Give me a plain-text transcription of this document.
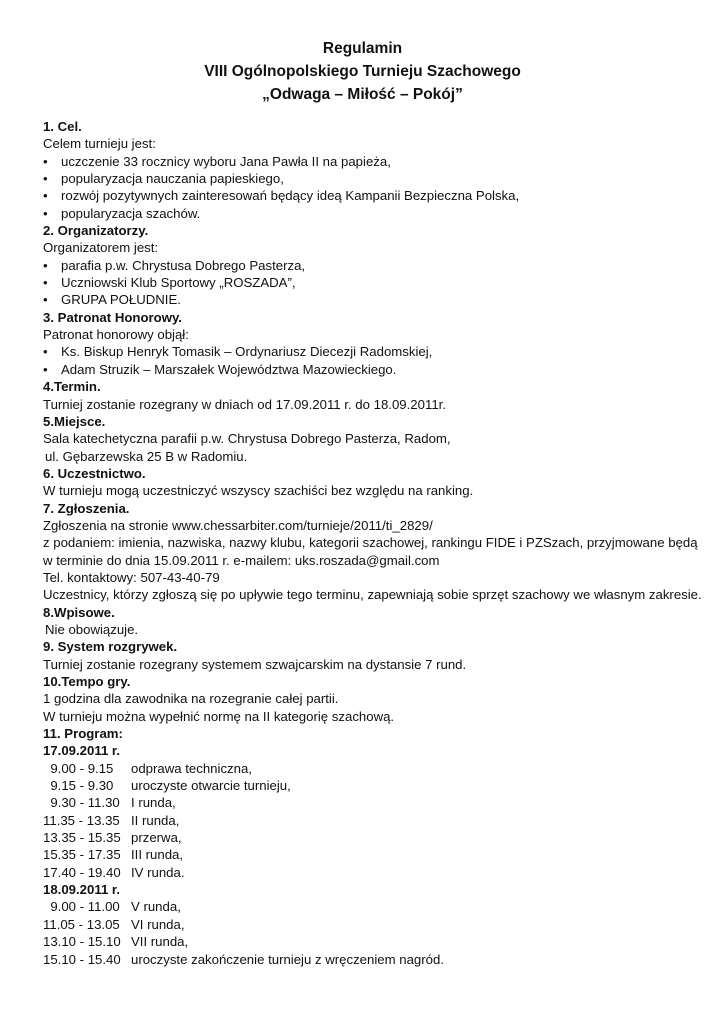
Regulamin
VIII Ogólnopolskiego Turnieju Szachowego
„Odwaga – Miłość – Pokój”
1. Cel.
Celem turnieju jest:
• uczczenie 33 rocznicy wyboru Jana Pawła II na papieża,
• popularyzacja nauczania papieskiego,
• rozwój pozytywnych zainteresowań będący ideą Kampanii Bezpieczna Polska,
• popularyzacja szachów.
2. Organizatorzy.
Organizatorem jest:
• parafia p.w. Chrystusa Dobrego Pasterza,
• Uczniowski Klub Sportowy „ROSZADA”,
• GRUPA POŁUDNIE.
3. Patronat Honorowy.
Patronat honorowy objął:
• Ks. Biskup Henryk Tomasik – Ordynariusz Diecezji Radomskiej,
• Adam Struzik – Marszałek Województwa Mazowieckiego.
4.Termin.
Turniej zostanie rozegrany w dniach od 17.09.2011 r. do 18.09.2011r.
5.Miejsce.
Sala katechetyczna parafii p.w. Chrystusa Dobrego Pasterza, Radom,
ul. Gębarzewska 25 B w Radomiu.
6. Uczestnictwo.
W turnieju mogą uczestniczyć wszyscy szachiści bez względu na ranking.
7. Zgłoszenia.
Zgłoszenia na stronie www.chessarbiter.com/turnieje/2011/ti_2829/
z podaniem: imienia, nazwiska, nazwy klubu, kategorii szachowej, rankingu FIDE i PZSzach, przyjmowane będą
w terminie do dnia 15.09.2011 r. e-mailem: uks.roszada@gmail.com
Tel. kontaktowy: 507-43-40-79
Uczestnicy, którzy zgłoszą się po upływie tego terminu, zapewniają sobie sprzęt szachowy we własnym zakresie.
8.Wpisowe.
Nie obowiązuje.
9. System rozgrywek.
Turniej zostanie rozegrany systemem szwajcarskim na dystansie 7 rund.
10.Tempo gry.
1 godzina dla zawodnika na rozegranie całej partii.
W turnieju można wypełnić normę na II kategorię szachową.
11. Program:
17.09.2011 r.
9.00 - 9.15 odprawa techniczna,
9.15 - 9.30 uroczyste otwarcie turnieju,
9.30 - 11.30 I runda,
11.35 - 13.35 II runda,
13.35 - 15.35 przerwa,
15.35 - 17.35 III runda,
17.40 - 19.40 IV runda.
18.09.2011 r.
9.00 - 11.00 V runda,
11.05 - 13.05 VI runda,
13.10 - 15.10 VII runda,
15.10 - 15.40 uroczyste zakończenie turnieju z wręczeniem nagród.
